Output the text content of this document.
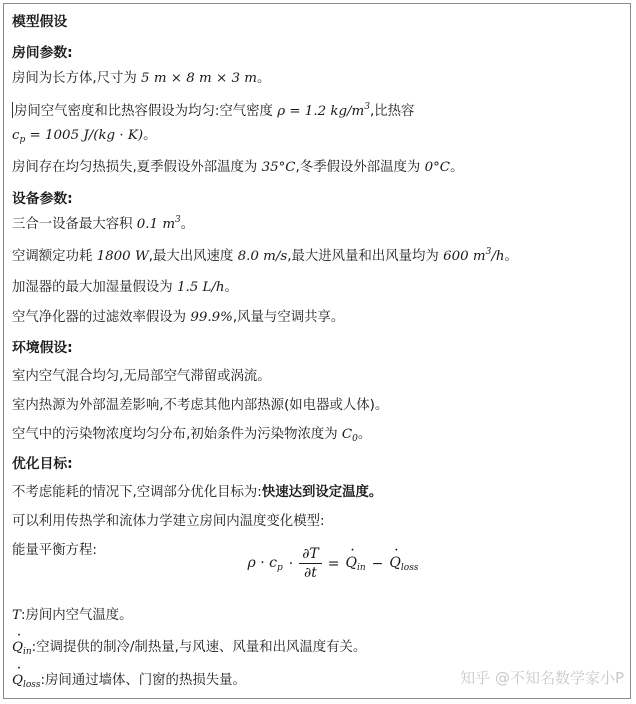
模型假设
房间参数:
房间为长方体,尺寸为 5 m × 8 m × 3 m。
房间空气密度和比热容假设为均匀:空气密度 ρ = 1.2 $kg/m^3$,比热容
$c_p = 1005$ J/(kg · K)。
房间存在均匀热损失,夏季假设外部温度为 35°C,冬季假设外部温度为 0°C。
设备参数:
三合一设备最大容积 0.1 $m^3$。
空调额定功耗 1800 W,最大出风速度 8.0 m/s,最大进风量和出风量均为 600 $m^3/h$。
加湿器的最大加湿量假设为 1.5 L/h。
空气净化器的过滤效率假设为 99.9%,风量与空调共享。
环境假设:
室内空气混合均匀,无局部空气滞留或涡流。
室内热源为外部温差影响,不考虑其他内部热源(如电器或人体)。
空气中的污染物浓度均匀分布,初始条件为污染物浓度为 $C_0$。
优化目标:
不考虑能耗的情况下,空调部分优化目标为:快速达到设定温度。
可以利用传热学和流体力学建立房间内温度变化模型:
能量平衡方程:
$\rho \cdot c_p \cdot \frac{\partial T}{\partial t}$ = ˙ $Q_{in}$ − ˙ $Q_{loss}$
T:房间内空气温度。
˙ $Q_{in}$:空调提供的制冷/制热量,与风速、风量和出风温度有关。
˙ $Q_{loss}$:房间通过墙体、门窗的热损失量。	知乎 @不知名数学家小P
